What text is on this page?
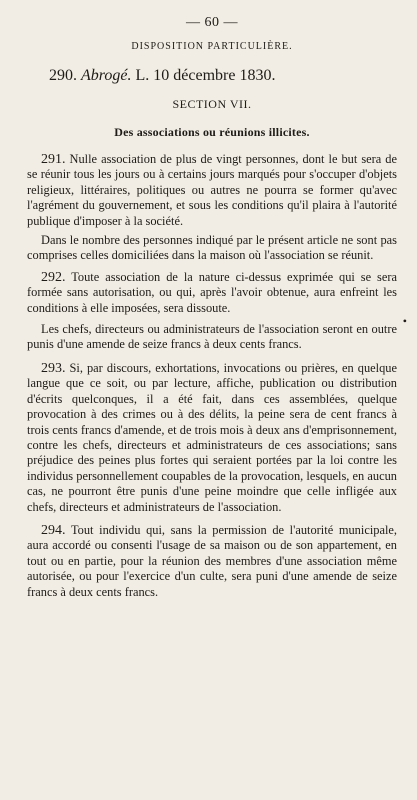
— 60 —

DISPOSITION PARTICULIÈRE.

290. Abrogé. L. 10 décembre 1830.

SECTION VII.

Des associations ou réunions illicites.

291. Nulle association de plus de vingt personnes, dont le but sera de se réunir tous les jours ou à certains jours marqués pour s'occuper d'objets religieux, littéraires, politiques ou autres ne pourra se former qu'avec l'agrément du gouvernement, et sous les conditions qu'il plaira à l'autorité publique d'imposer à la société.

Dans le nombre des personnes indiqué par le présent article ne sont pas comprises celles domiciliées dans la maison où l'association se réunit.

292. Toute association de la nature ci-dessus exprimée qui se sera formée sans autorisation, ou qui, après l'avoir obtenue, aura enfreint les conditions à elle imposées, sera dissoute.

Les chefs, directeurs ou administrateurs de l'association seront en outre punis d'une amende de seize francs à deux cents francs.

293. Si, par discours, exhortations, invocations ou prières, en quelque langue que ce soit, ou par lecture, affiche, publication ou distribution d'écrits quelconques, il a été fait, dans ces assemblées, quelque provocation à des crimes ou à des délits, la peine sera de cent francs à trois cents francs d'amende, et de trois mois à deux ans d'emprisonnement, contre les chefs, directeurs et administrateurs de ces associations; sans préjudice des peines plus fortes qui seraient portées par la loi contre les individus personnellement coupables de la provocation, lesquels, en aucun cas, ne pourront être punis d'une peine moindre que celle infligée aux chefs, directeurs et administrateurs de l'association.

294. Tout individu qui, sans la permission de l'autorité municipale, aura accordé ou consenti l'usage de sa maison ou de son appartement, en tout ou en partie, pour la réunion des membres d'une association même autorisée, ou pour l'exercice d'un culte, sera puni d'une amende de seize francs à deux cents francs.

•
